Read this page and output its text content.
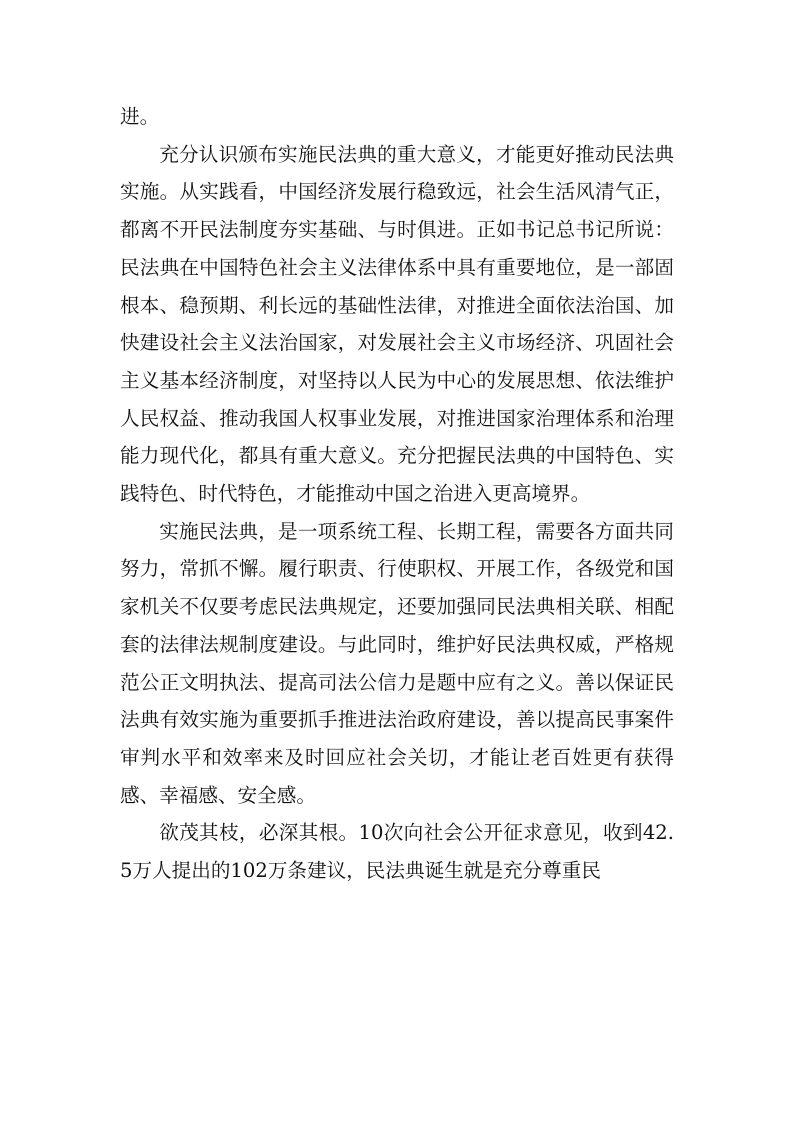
进。

充分认识颁布实施民法典的重大意义，才能更好推动民法典实施。从实践看，中国经济发展行稳致远，社会生活风清气正，都离不开民法制度夯实基础、与时俱进。正如书记总书记所说：民法典在中国特色社会主义法律体系中具有重要地位，是一部固根本、稳预期、利长远的基础性法律，对推进全面依法治国、加快建设社会主义法治国家，对发展社会主义市场经济、巩固社会主义基本经济制度，对坚持以人民为中心的发展思想、依法维护人民权益、推动我国人权事业发展，对推进国家治理体系和治理能力现代化，都具有重大意义。充分把握民法典的中国特色、实践特色、时代特色，才能推动中国之治进入更高境界。

实施民法典，是一项系统工程、长期工程，需要各方面共同努力，常抓不懈。履行职责、行使职权、开展工作，各级党和国家机关不仅要考虑民法典规定，还要加强同民法典相关联、相配套的法律法规制度建设。与此同时，维护好民法典权威，严格规范公正文明执法、提高司法公信力是题中应有之义。善以保证民法典有效实施为重要抓手推进法治政府建设，善以提高民事案件审判水平和效率来及时回应社会关切，才能让老百姓更有获得感、幸福感、安全感。

欲茂其枝，必深其根。10次向社会公开征求意见，收到42.5万人提出的102万条建议，民法典诞生就是充分尊重民
